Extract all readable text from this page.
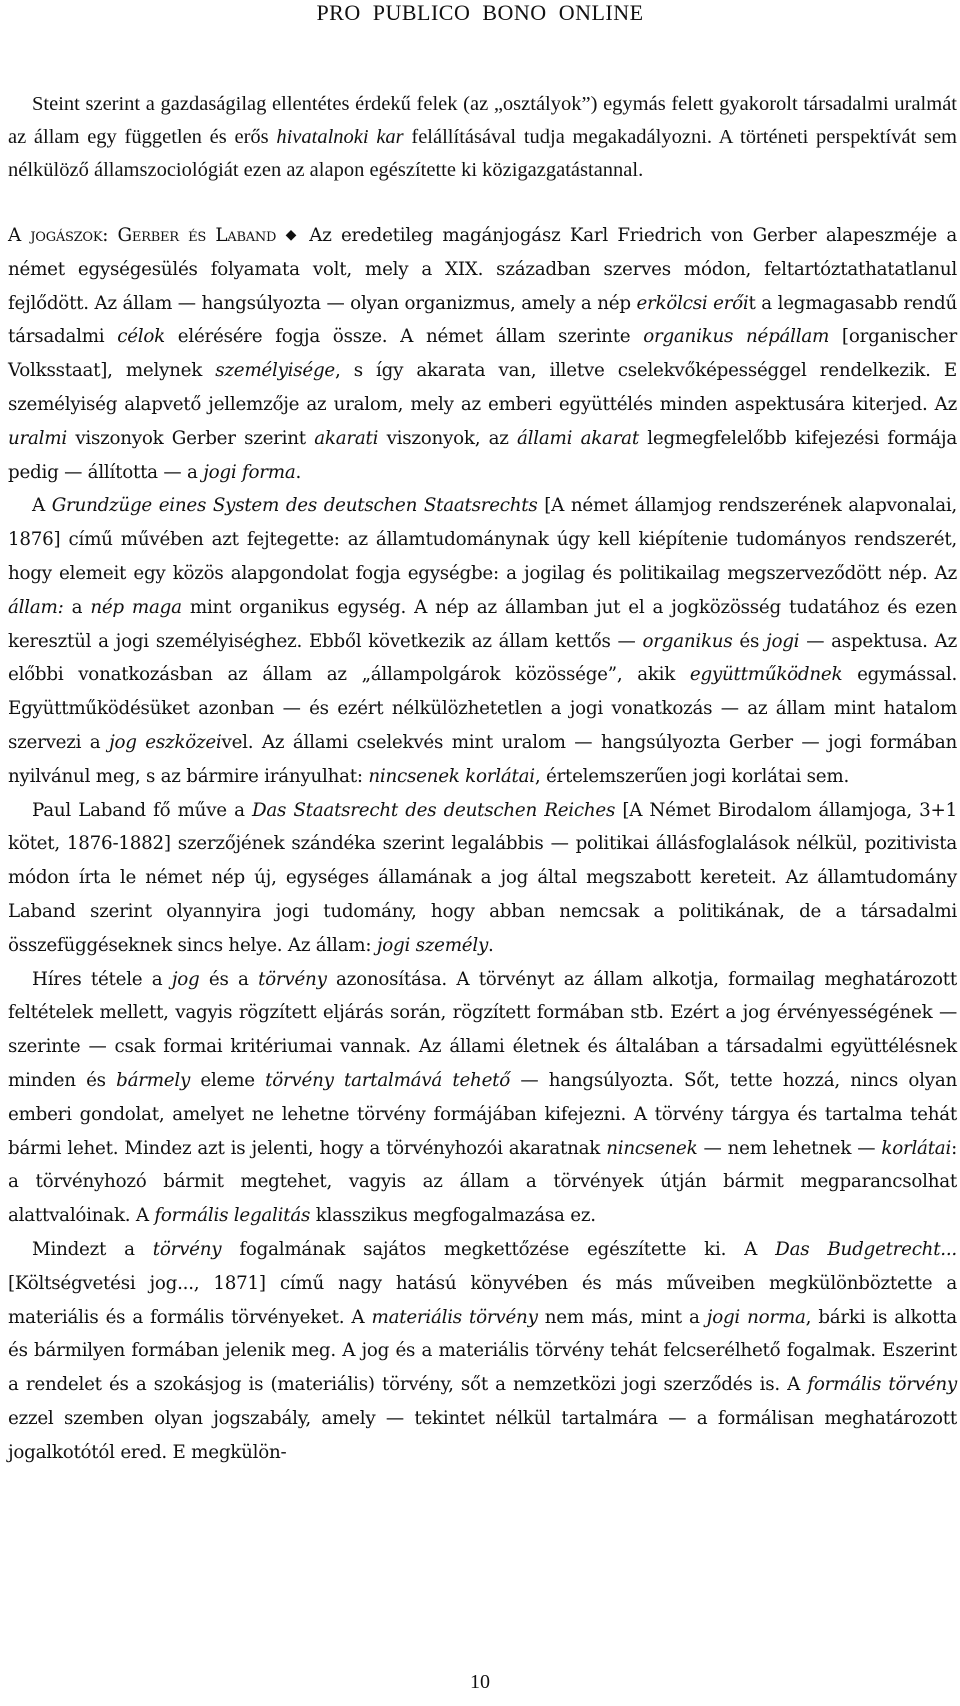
PRO  PUBLICO  BONO  ONLINE

Steint szerint a gazdaságilag ellentétes érdekű felek (az „osztályok”) egymás felett gyakorolt társadalmi uralmát az állam egy független és erős hivatalnoki kar felállításával tudja megakadályozni. A történeti perspektívát sem nélkülöző államszociológiát ezen az alapon egészítette ki közigazgatástannal.

A jogászok: Gerber és Laband ◆ Az eredetileg magánjogász Karl Friedrich von Gerber alapeszméje a német egységesülés folyamata volt, mely a XIX. században szerves módon, feltartóztathatatlanul fejlődött. Az állam — hangsúlyozta — olyan organizmus, amely a nép erkölcsi erőit a legmagasabb rendű társadalmi célok elérésére fogja össze. A német állam szerinte organikus népállam [organischer Volksstaat], melynek személyisége, s így akarata van, illetve cselekvőképességgel rendelkezik. E személyiség alapvető jellemzője az uralom, mely az emberi együttélés minden aspektusára kiterjed. Az uralmi viszonyok Gerber szerint akarati viszonyok, az állami akarat legmegfelelőbb kifejezési formája pedig — állította — a jogi forma.

A Grundzüge eines System des deutschen Staatsrechts [A német államjog rendszerének alapvonalai, 1876] című művében azt fejtegette: az államtudománynak úgy kell kiépítenie tudományos rendszerét, hogy elemeit egy közös alapgondolat fogja egységbe: a jogilag és politikailag megszerveződött nép. Az állam: a nép maga mint organikus egység. A nép az államban jut el a jogközösség tudatához és ezen keresztül a jogi személyiséghez. Ebből következik az állam kettős — organikus és jogi — aspektusa. Az előbbi vonatkozásban az állam az „állampolgárok közössége”, akik együttműködnek egymással. Együttműködésüket azonban — és ezért nélkülözhetetlen a jogi vonatkozás — az állam mint hatalom szervezi a jog eszközeivel. Az állami cselekvés mint uralom — hangsúlyozta Gerber — jogi formában nyilvánul meg, s az bármire irányulhat: nincsenek korlátai, értelemszerűen jogi korlátai sem.

Paul Laband fő műve a Das Staatsrecht des deutschen Reiches [A Német Birodalom államjoga, 3+1 kötet, 1876-1882] szerzőjének szándéka szerint legalábbis — politikai állásfoglalások nélkül, pozitivista módon írta le német nép új, egységes államának a jog által megszabott kereteit. Az államtudomány Laband szerint olyannyira jogi tudomány, hogy abban nemcsak a politikának, de a társadalmi összefüggéseknek sincs helye. Az állam: jogi személy.

Híres tétele a jog és a törvény azonosítása. A törvényt az állam alkotja, formailag meghatározott feltételek mellett, vagyis rögzített eljárás során, rögzített formában stb. Ezért a jog érvényességének — szerinte — csak formai kritériumai vannak. Az állami életnek és általában a társadalmi együttélésnek minden és bármely eleme törvény tartalmává tehető — hangsúlyozta. Sőt, tette hozzá, nincs olyan emberi gondolat, amelyet ne lehetne törvény formájában kifejezni. A törvény tárgya és tartalma tehát bármi lehet. Mindez azt is jelenti, hogy a törvényhozói akaratnak nincsenek — nem lehetnek — korlátai: a törvényhozó bármit megtehet, vagyis az állam a törvények útján bármit megparancsolhat alattvalóinak. A formális legalitás klasszikus megfogalmazása ez.

Mindezt a törvény fogalmának sajátos megkettőzése egészítette ki. A Das Budgetrecht... [Költségvetési jog..., 1871] című nagy hatású könyvében és más műveiben megkülönböztette a materiális és a formális törvényeket. A materiális törvény nem más, mint a jogi norma, bárki is alkotta és bármilyen formában jelenik meg. A jog és a materiális törvény tehát felcserélhető fogalmak. Eszerint a rendelet és a szokásjog is (materiális) törvény, sőt a nemzetközi jogi szerződés is. A formális törvény ezzel szemben olyan jogszabály, amely — tekintet nélkül tartalmára — a formálisan meghatározott jogalkotótól ered. E megkülön-

10
